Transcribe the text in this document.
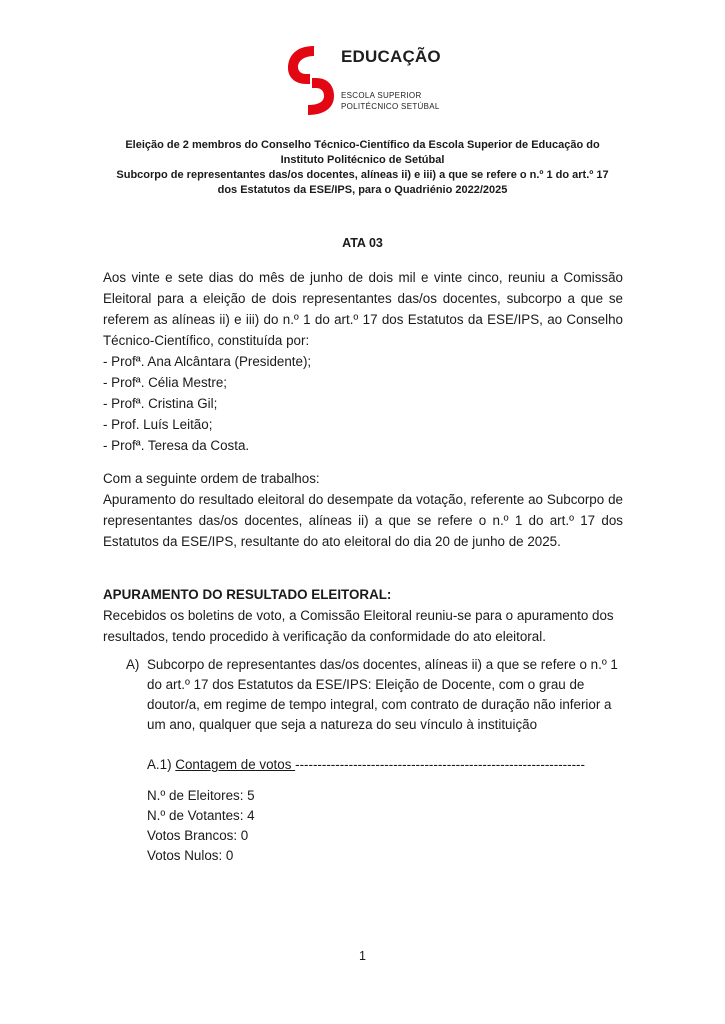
EDUCAÇÃO
ESCOLA SUPERIOR
POLITÉCNICO SETÚBAL
Eleição de 2 membros do Conselho Técnico-Científico da Escola Superior de Educação do
Instituto Politécnico de Setúbal
Subcorpo de representantes das/os docentes, alíneas ii) e iii) a que se refere o n.º 1 do art.º 17
dos Estatutos da ESE/IPS, para o Quadriénio 2022/2025
ATA 03

Aos vinte e sete dias do mês de junho de dois mil e vinte cinco, reuniu a Comissão Eleitoral para a eleição de dois representantes das/os docentes, subcorpo a que se referem as alíneas ii) e iii) do n.º 1 do art.º 17 dos Estatutos da ESE/IPS, ao Conselho Técnico-Científico, constituída por:

- Profª. Ana Alcântara (Presidente);
- Profª. Célia Mestre;
- Profª. Cristina Gil;
- Prof. Luís Leitão;
- Profª. Teresa da Costa.
Com a seguinte ordem de trabalhos:

Apuramento do resultado eleitoral do desempate da votação, referente ao Subcorpo de representantes das/os docentes, alíneas ii) a que se refere o n.º 1 do art.º 17 dos Estatutos da ESE/IPS, resultante do ato eleitoral do dia 20 de junho de 2025.

APURAMENTO DO RESULTADO ELEITORAL:

Recebidos os boletins de voto, a Comissão Eleitoral reuniu-se para o apuramento dos resultados, tendo procedido à verificação da conformidade do ato eleitoral.

A) Subcorpo de representantes das/os docentes, alíneas ii) a que se refere o n.º 1 do art.º 17 dos Estatutos da ESE/IPS: Eleição de Docente, com o grau de doutor/a, em regime de tempo integral, com contrato de duração não inferior a um ano, qualquer que seja a natureza do seu vínculo à instituição
A.1) Contagem de votos -----------------------------------------------------------------
N.º de Eleitores: 5
N.º de Votantes: 4
Votos Brancos: 0
Votos Nulos: 0
1
